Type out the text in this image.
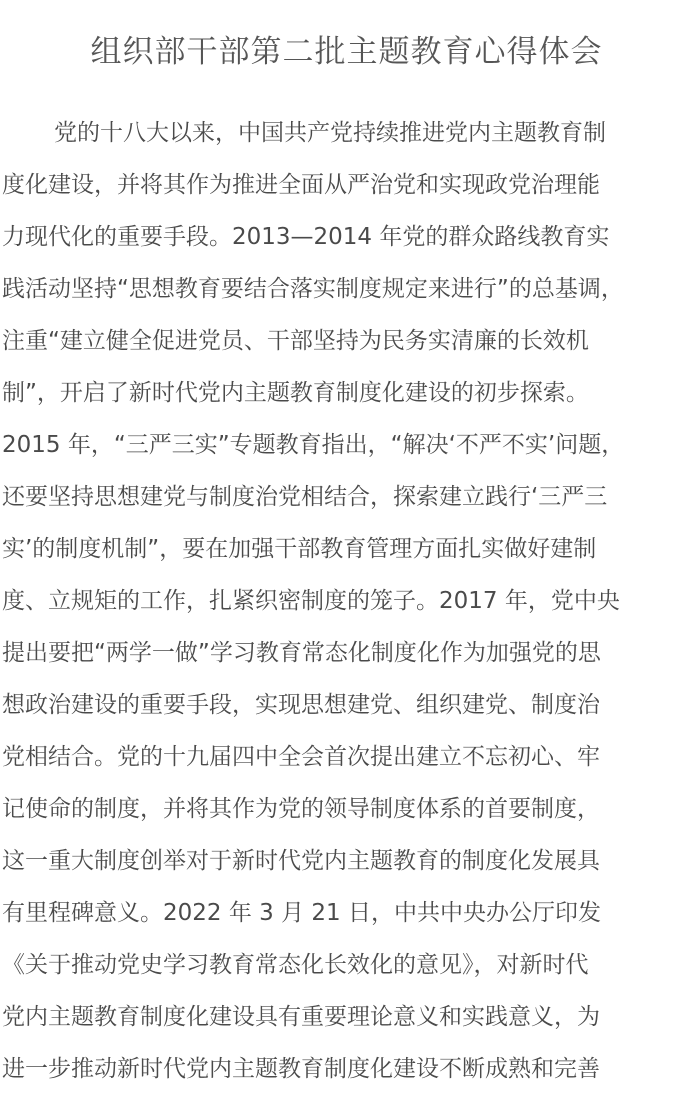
组织部干部第二批主题教育心得体会
党的十八大以来，中国共产党持续推进党内主题教育制
度化建设，并将其作为推进全面从严治党和实现政党治理能
力现代化的重要手段。2013—2014 年党的群众路线教育实
践活动坚持“思想教育要结合落实制度规定来进行”的总基调，
注重“建立健全促进党员、干部坚持为民务实清廉的长效机
制”，开启了新时代党内主题教育制度化建设的初步探索。
2015 年，“三严三实”专题教育指出，“解决‘不严不实’问题，
还要坚持思想建党与制度治党相结合，探索建立践行‘三严三
实’的制度机制”，要在加强干部教育管理方面扎实做好建制
度、立规矩的工作，扎紧织密制度的笼子。2017 年，党中央
提出要把“两学一做”学习教育常态化制度化作为加强党的思
想政治建设的重要手段，实现思想建党、组织建党、制度治
党相结合。党的十九届四中全会首次提出建立不忘初心、牢
记使命的制度，并将其作为党的领导制度体系的首要制度，
这一重大制度创举对于新时代党内主题教育的制度化发展具
有里程碑意义。2022 年 3 月 21 日，中共中央办公厅印发
《关于推动党史学习教育常态化长效化的意见》，对新时代
党内主题教育制度化建设具有重要理论意义和实践意义，为
进一步推动新时代党内主题教育制度化建设不断成熟和完善
